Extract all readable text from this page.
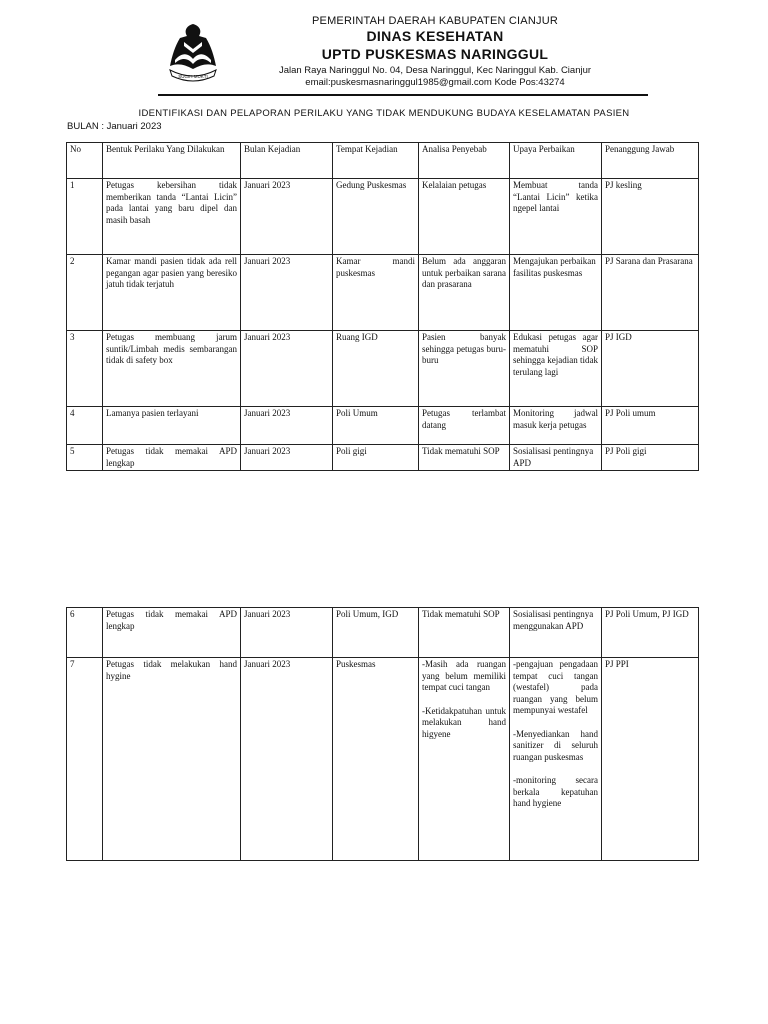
SUGIH MUKTI
PEMERINTAH DAERAH KABUPATEN CIANJUR
DINAS KESEHATAN
UPTD PUSKESMAS NARINGGUL
Jalan Raya Naringgul No. 04, Desa Naringgul, Kec Naringgul Kab. Cianjur
email:puskesmasnaringgul1985@gmail.com Kode Pos:43274
IDENTIFIKASI DAN PELAPORAN PERILAKU YANG TIDAK MENDUKUNG BUDAYA KESELAMATAN PASIEN
BULAN : Januari 2023
No	Bentuk Perilaku Yang Dilakukan	Bulan Kejadian	Tempat Kejadian	Analisa Penyebab	Upaya Perbaikan	Penanggung Jawab
1	Petugas kebersihan tidak memberikan tanda “Lantai Licin” pada lantai yang baru dipel dan masih basah	Januari 2023	Gedung Puskesmas	Kelalaian petugas	Membuat tanda “Lantai Licin” ketika ngepel lantai	PJ kesling
2	Kamar mandi pasien tidak ada rell pegangan agar pasien yang beresiko jatuh tidak terjatuh	Januari 2023	Kamar mandi puskesmas	Belum ada anggaran untuk perbaikan sarana dan prasarana	Mengajukan perbaikan fasilitas puskesmas	PJ Sarana dan Prasarana
3	Petugas membuang jarum suntik/Limbah medis sembarangan tidak di safety box	Januari 2023	Ruang IGD	Pasien banyak sehingga petugas buru-buru	Edukasi petugas agar mematuhi SOP sehingga kejadian tidak terulang lagi	PJ IGD
4	Lamanya pasien terlayani	Januari 2023	Poli Umum	Petugas terlambat datang	Monitoring jadwal masuk kerja petugas	PJ Poli umum
5	Petugas tidak memakai APD lengkap	Januari 2023	Poli gigi	Tidak mematuhi SOP	Sosialisasi pentingnya APD	PJ Poli gigi
6	Petugas tidak memakai APD lengkap	Januari 2023	Poli Umum, IGD	Tidak mematuhi SOP	Sosialisasi pentingnya menggunakan APD	PJ Poli Umum, PJ IGD
7	Petugas tidak melakukan hand hygine	Januari 2023	Puskesmas	-Masih ada ruangan yang belum memiliki tempat cuci tangan
-Ketidakpatuhan untuk melakukan hand higyene	-pengajuan pengadaan tempat cuci tangan (westafel) pada ruangan yang belum mempunyai westafel
-Menyediankan hand sanitizer di seluruh ruangan puskesmas
-monitoring secara berkala kepatuhan hand hygiene	PJ PPI
